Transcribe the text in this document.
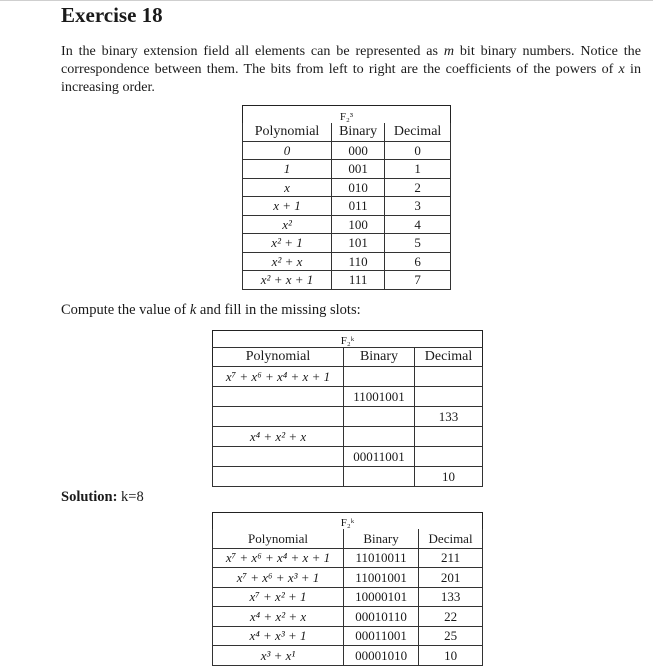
Exercise 18

In the binary extension field all elements can be represented as m bit binary numbers. Notice the correspondence between them. The bits from left to right are the coefficients of the powers of x in increasing order.

F₂³		
Polynomial	Binary	Decimal
0	000	0
1	001	1
x	010	2
x + 1	011	3
x²	100	4
x² + 1	101	5
x² + x	110	6
x² + x + 1	111	7

Compute the value of k and fill in the missing slots:

F₂ᵏ		
Polynomial	Binary	Decimal
x⁷ + x⁶ + x⁴ + x + 1		
	11001001	
		133
x⁴ + x² + x		
	00011001	
		10

Solution: k=8

F₂ᵏ		
Polynomial	Binary	Decimal
x⁷ + x⁶ + x⁴ + x + 1	11010011	211
x⁷ + x⁶ + x³ + 1	11001001	201
x⁷ + x² + 1	10000101	133
x⁴ + x² + x	00010110	22
x⁴ + x³ + 1	00011001	25
x³ + x¹	00001010	10
